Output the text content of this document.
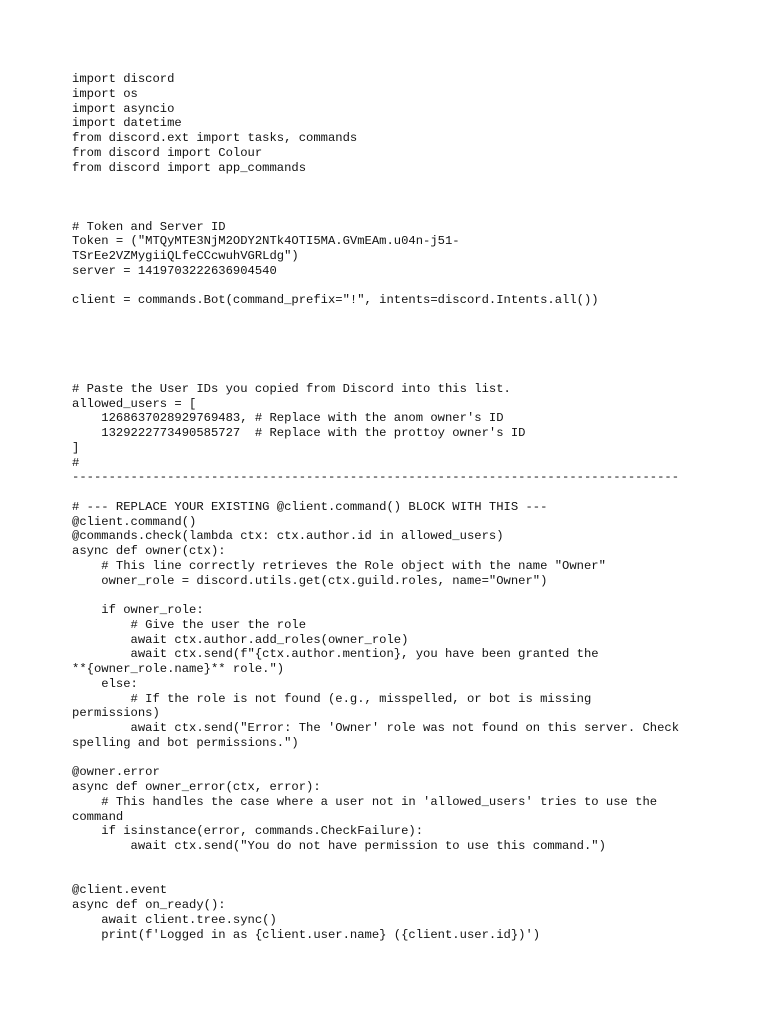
import discord
import os
import asyncio
import datetime
from discord.ext import tasks, commands
from discord import Colour
from discord import app_commands
# Token and Server ID
Token = ("MTQyMTE3NjM2ODY2NTk4OTI5MA.GVmEAm.u04n-j51-
TSrEe2VZMygiiQLfeCCcwuhVGRLdg")
server = 1419703222636904540
client = commands.Bot(command_prefix="!", intents=discord.Intents.all())
# Paste the User IDs you copied from Discord into this list.
allowed_users = [
1268637028929769483, # Replace with the anom owner's ID
1329222773490585727  # Replace with the prottoy owner's ID
]
#
-----------------------------------------------------------------------------------
# --- REPLACE YOUR EXISTING @client.command() BLOCK WITH THIS ---
@client.command()
@commands.check(lambda ctx: ctx.author.id in allowed_users)
async def owner(ctx):
# This line correctly retrieves the Role object with the name "Owner"
owner_role = discord.utils.get(ctx.guild.roles, name="Owner")
if owner_role:
# Give the user the role
await ctx.author.add_roles(owner_role)
await ctx.send(f"{ctx.author.mention}, you have been granted the
**{owner_role.name}** role.")
else:
# If the role is not found (e.g., misspelled, or bot is missing
permissions)
await ctx.send("Error: The 'Owner' role was not found on this server. Check
spelling and bot permissions.")
@owner.error
async def owner_error(ctx, error):
# This handles the case where a user not in 'allowed_users' tries to use the
command
if isinstance(error, commands.CheckFailure):
await ctx.send("You do not have permission to use this command.")
@client.event
async def on_ready():
await client.tree.sync()
print(f'Logged in as {client.user.name} ({client.user.id})')
